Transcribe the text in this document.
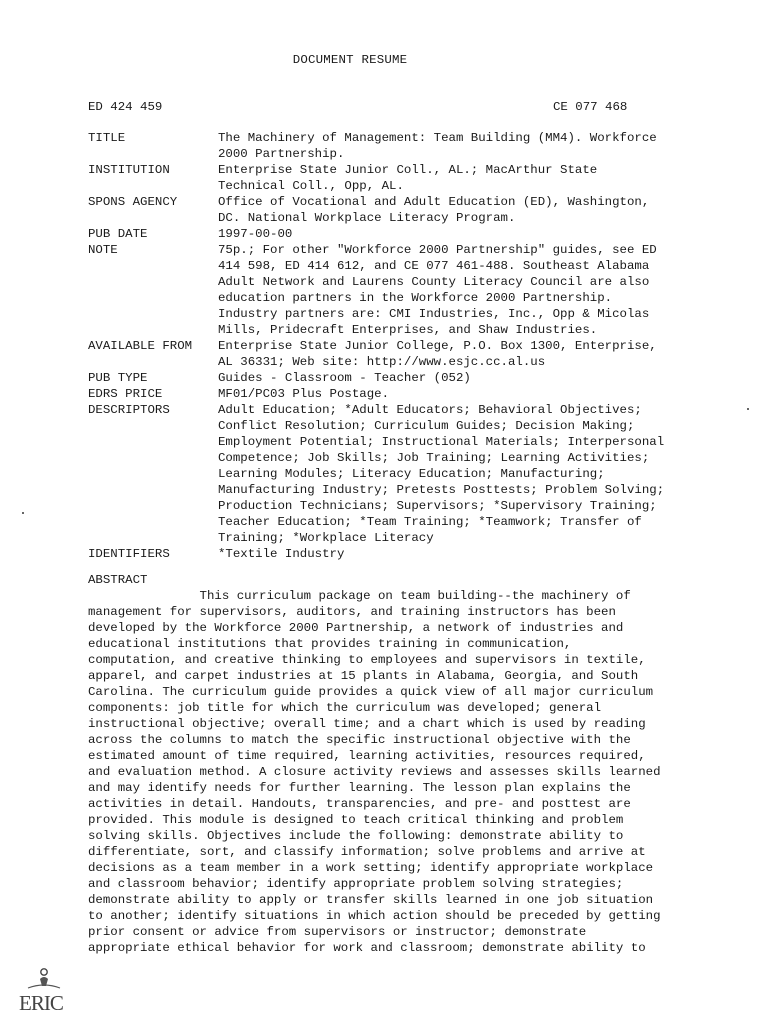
DOCUMENT RESUME
ED 424 459	CE 077 468
TITLE	The Machinery of Management: Team Building (MM4). Workforce
2000 Partnership.
INSTITUTION	Enterprise State Junior Coll., AL.; MacArthur State
Technical Coll., Opp, AL.
SPONS AGENCY	Office of Vocational and Adult Education (ED), Washington,
DC. National Workplace Literacy Program.
PUB DATE	1997-00-00
NOTE	75p.; For other "Workforce 2000 Partnership" guides, see ED
414 598, ED 414 612, and CE 077 461-488. Southeast Alabama
Adult Network and Laurens County Literacy Council are also
education partners in the Workforce 2000 Partnership.
Industry partners are: CMI Industries, Inc., Opp & Micolas
Mills, Pridecraft Enterprises, and Shaw Industries.
AVAILABLE FROM	Enterprise State Junior College, P.O. Box 1300, Enterprise,
AL 36331; Web site: http://www.esjc.cc.al.us
PUB TYPE	Guides - Classroom - Teacher (052)
EDRS PRICE	MF01/PC03 Plus Postage.
DESCRIPTORS	Adult Education; *Adult Educators; Behavioral Objectives;
Conflict Resolution; Curriculum Guides; Decision Making;
Employment Potential; Instructional Materials; Interpersonal
Competence; Job Skills; Job Training; Learning Activities;
Learning Modules; Literacy Education; Manufacturing;
Manufacturing Industry; Pretests Posttests; Problem Solving;
Production Technicians; Supervisors; *Supervisory Training;
Teacher Education; *Team Training; *Teamwork; Transfer of
Training; *Workplace Literacy
IDENTIFIERS	*Textile Industry
ABSTRACT
This curriculum package on team building--the machinery of
management for supervisors, auditors, and training instructors has been
developed by the Workforce 2000 Partnership, a network of industries and
educational institutions that provides training in communication,
computation, and creative thinking to employees and supervisors in textile,
apparel, and carpet industries at 15 plants in Alabama, Georgia, and South
Carolina. The curriculum guide provides a quick view of all major curriculum
components: job title for which the curriculum was developed; general
instructional objective; overall time; and a chart which is used by reading
across the columns to match the specific instructional objective with the
estimated amount of time required, learning activities, resources required,
and evaluation method. A closure activity reviews and assesses skills learned
and may identify needs for further learning. The lesson plan explains the
activities in detail. Handouts, transparencies, and pre- and posttest are
provided. This module is designed to teach critical thinking and problem
solving skills. Objectives include the following: demonstrate ability to
differentiate, sort, and classify information; solve problems and arrive at
decisions as a team member in a work setting; identify appropriate workplace
and classroom behavior; identify appropriate problem solving strategies;
demonstrate ability to apply or transfer skills learned in one job situation
to another; identify situations in which action should be preceded by getting
prior consent or advice from supervisors or instructor; demonstrate
appropriate ethical behavior for work and classroom; demonstrate ability to
ERIC
